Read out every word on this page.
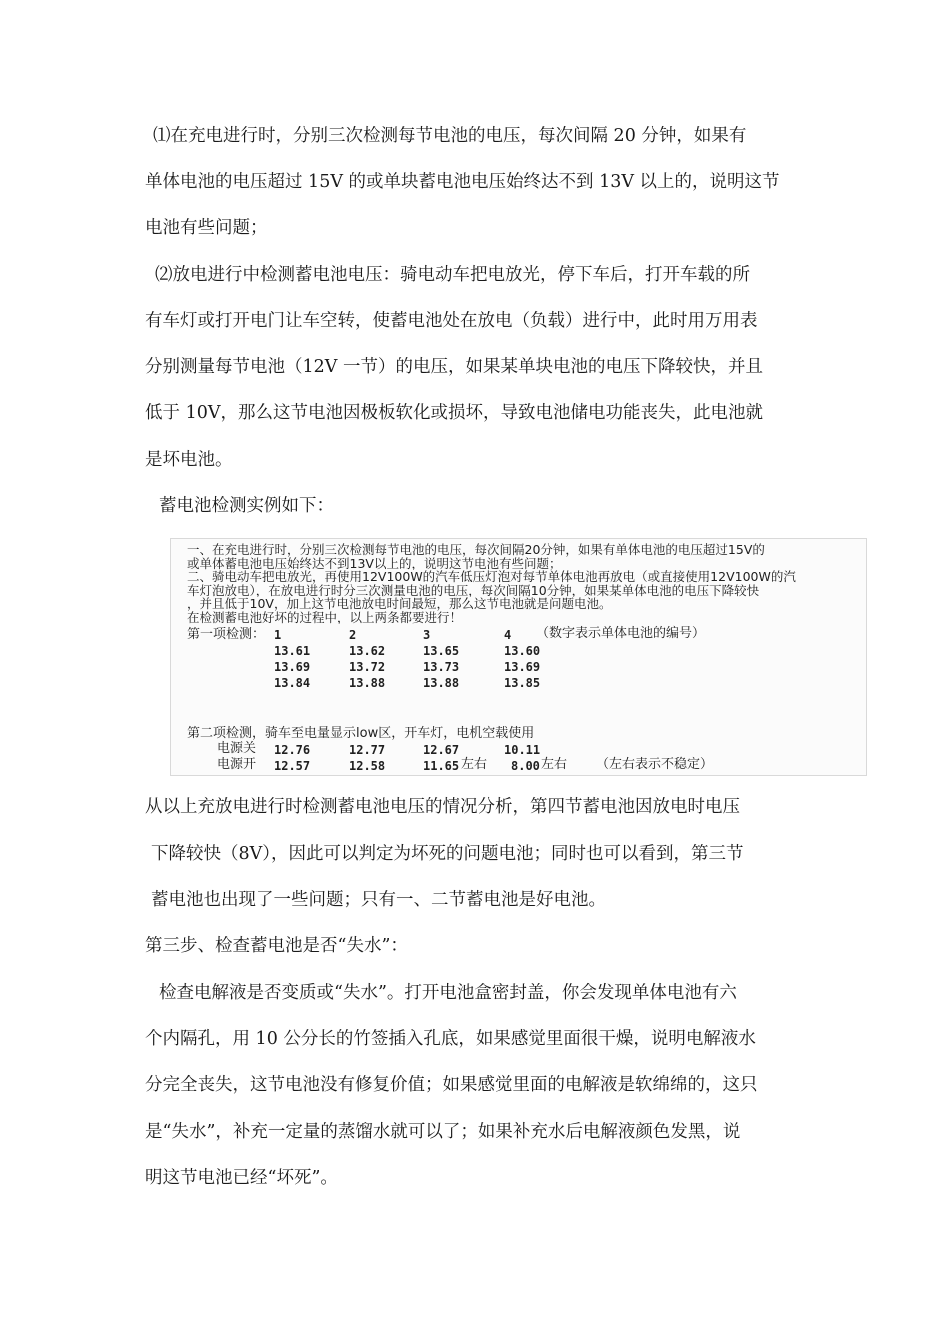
⑴在充电进行时，分别三次检测每节电池的电压，每次间隔 20 分钟，如果有
单体电池的电压超过 15V 的或单块蓄电池电压始终达不到 13V 以上的，说明这节
电池有些问题；
⑵放电进行中检测蓄电池电压：骑电动车把电放光，停下车后，打开车载的所
有车灯或打开电门让车空转，使蓄电池处在放电（负载）进行中，此时用万用表
分别测量每节电池（12V 一节）的电压，如果某单块电池的电压下降较快，并且
低于 10V，那么这节电池因极板软化或损坏，导致电池储电功能丧失，此电池就
是坏电池。
蓄电池检测实例如下：
一、在充电进行时，分别三次检测每节电池的电压，每次间隔20分钟，如果有单体电池的电压超过15V的
或单体蓄电池电压始终达不到13V以上的，说明这节电池有些问题；
二、骑电动车把电放光，再使用12V100W的汽车低压灯泡对每节单体电池再放电（或直接使用12V100W的汽
车灯泡放电），在放电进行时分三次测量电池的电压，每次间隔10分钟，如果某单体电池的电压下降较快
，并且低于10V，加上这节电池放电时间最短，那么这节电池就是问题电池。
在检测蓄电池好坏的过程中，以上两条都要进行！
第一项检测： 1	2	3	4 （数字表示单体电池的编号）
13.61	13.62	13.65	13.60
13.69	13.72	13.73	13.69
13.84	13.88	13.88	13.85
第二项检测，骑车至电量显示low区，开车灯，电机空载使用
电源关 12.76	12.77	12.67	10.11
电源开 12.57	12.58	11.65 左右 8.00 左右 （左右表示不稳定）
从以上充放电进行时检测蓄电池电压的情况分析，第四节蓄电池因放电时电压
下降较快（8V），因此可以判定为坏死的问题电池；同时也可以看到，第三节
蓄电池也出现了一些问题；只有一、二节蓄电池是好电池。
第三步、检查蓄电池是否“失水”：
检查电解液是否变质或“失水”。打开电池盒密封盖，你会发现单体电池有六
个内隔孔，用 10 公分长的竹签插入孔底，如果感觉里面很干燥，说明电解液水
分完全丧失，这节电池没有修复价值；如果感觉里面的电解液是软绵绵的，这只
是“失水”，补充一定量的蒸馏水就可以了；如果补充水后电解液颜色发黑，说
明这节电池已经“坏死”。
